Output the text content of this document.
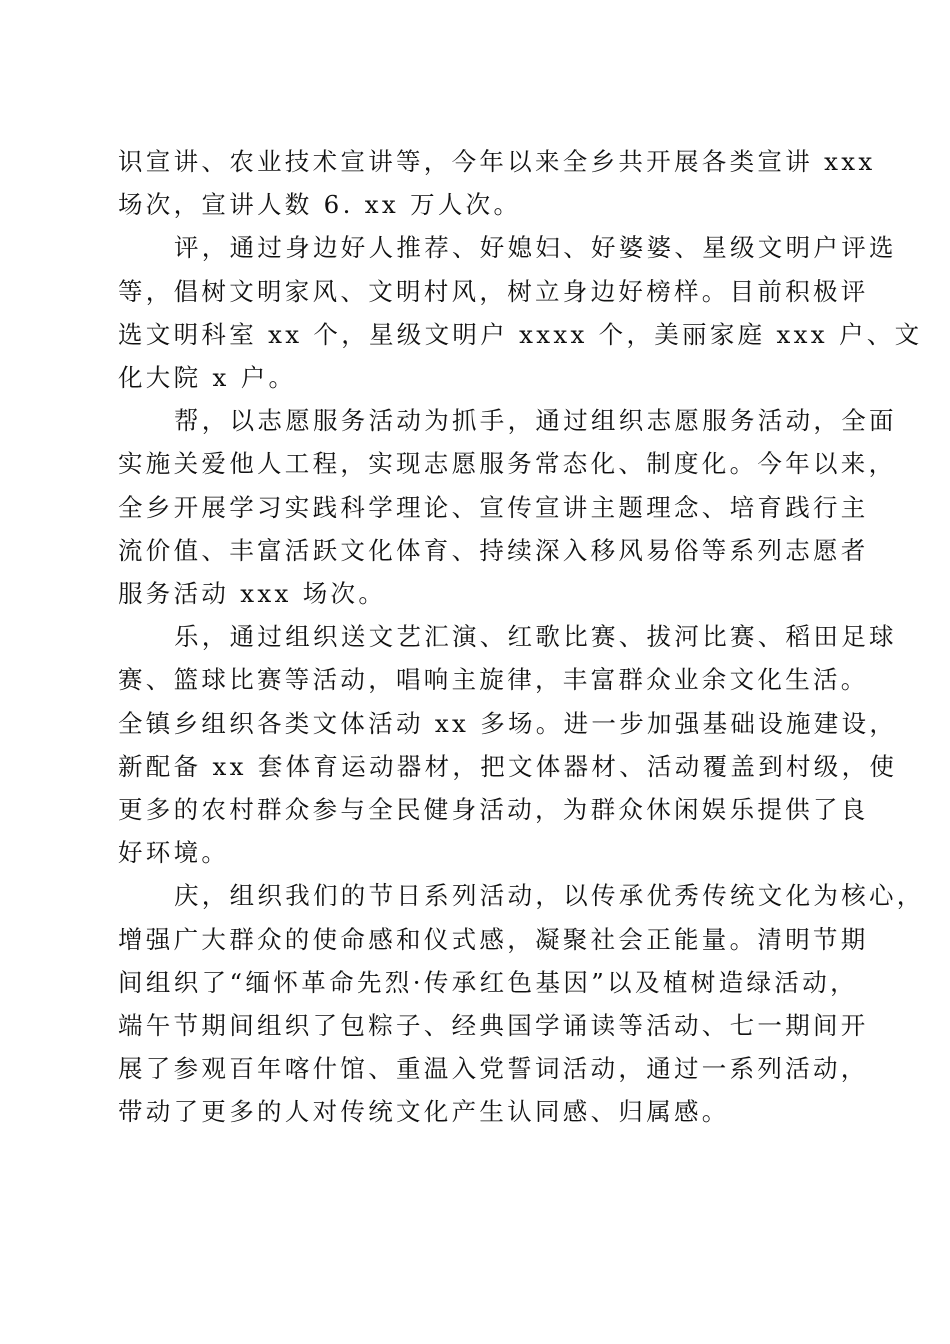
识宣讲、农业技术宣讲等，今年以来全乡共开展各类宣讲 xxx
场次，宣讲人数 6. xx 万人次。

评，通过身边好人推荐、好媳妇、好婆婆、星级文明户评选
等，倡树文明家风、文明村风，树立身边好榜样。目前积极评
选文明科室 xx 个，星级文明户 xxxx 个，美丽家庭 xxx 户、文
化大院 x 户。

帮，以志愿服务活动为抓手，通过组织志愿服务活动，全面
实施关爱他人工程，实现志愿服务常态化、制度化。今年以来，
全乡开展学习实践科学理论、宣传宣讲主题理念、培育践行主
流价值、丰富活跃文化体育、持续深入移风易俗等系列志愿者
服务活动 xxx 场次。

乐，通过组织送文艺汇演、红歌比赛、拔河比赛、稻田足球
赛、篮球比赛等活动，唱响主旋律，丰富群众业余文化生活。
全镇乡组织各类文体活动 xx 多场。进一步加强基础设施建设，
新配备 xx 套体育运动器材，把文体器材、活动覆盖到村级，使
更多的农村群众参与全民健身活动，为群众休闲娱乐提供了良
好环境。

庆，组织我们的节日系列活动，以传承优秀传统文化为核心，
增强广大群众的使命感和仪式感，凝聚社会正能量。清明节期
间组织了“缅怀革命先烈·传承红色基因”以及植树造绿活动，
端午节期间组织了包粽子、经典国学诵读等活动、七一期间开
展了参观百年喀什馆、重温入党誓词活动，通过一系列活动，
带动了更多的人对传统文化产生认同感、归属感。
